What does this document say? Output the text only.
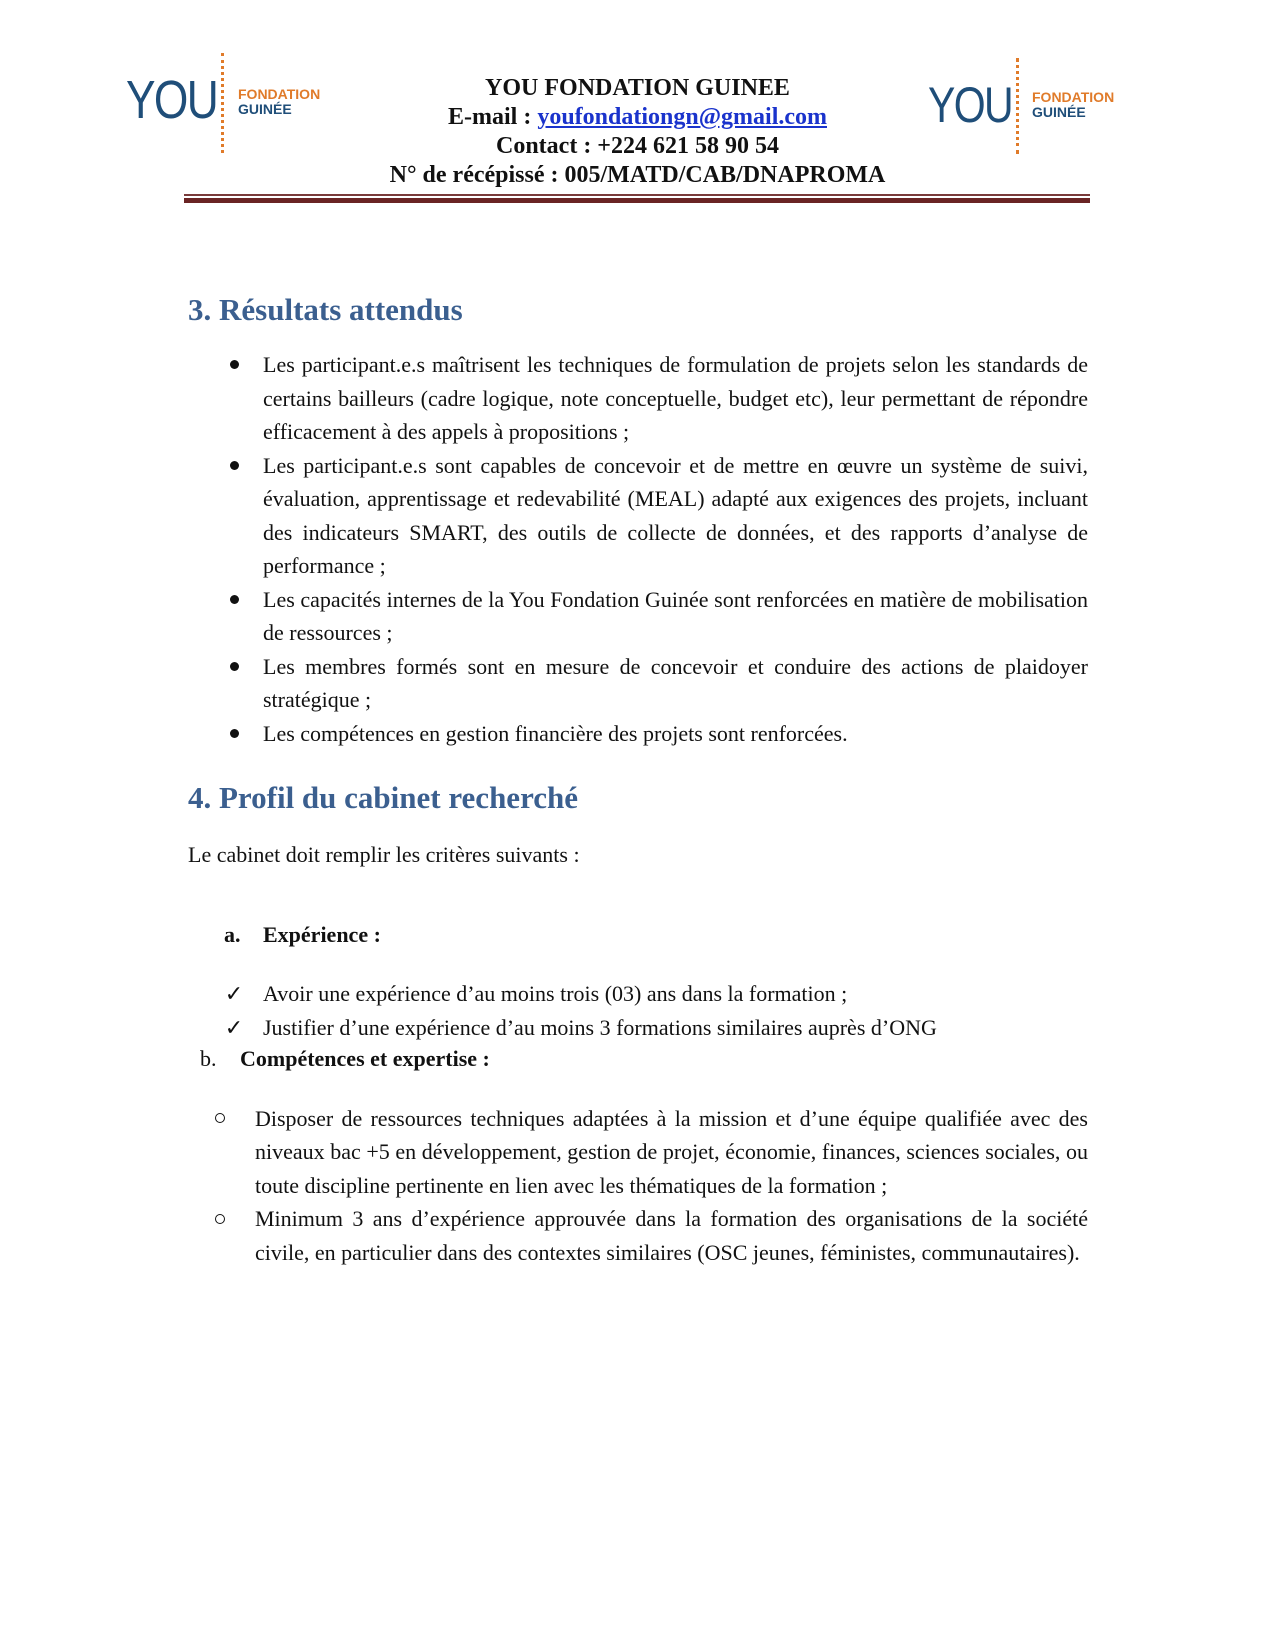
YOU FONDATION
GUINÉE
YOU FONDATION GUINEE
E-mail : youfondationgn@gmail.com
Contact : +224 621 58 90 54
N° de récépissé : 005/MATD/CAB/DNAPROMA
YOU FONDATION
GUINÉE
3. Résultats attendus
Les participant.e.s maîtrisent les techniques de formulation de projets selon les standards de certains bailleurs (cadre logique, note conceptuelle, budget etc), leur permettant de répondre efficacement à des appels à propositions ;
Les participant.e.s sont capables de concevoir et de mettre en œuvre un système de suivi, évaluation, apprentissage et redevabilité (MEAL) adapté aux exigences des projets, incluant des indicateurs SMART, des outils de collecte de données, et des rapports d’analyse de performance ;
Les capacités internes de la You Fondation Guinée sont renforcées en matière de mobilisation de ressources ;
Les membres formés sont en mesure de concevoir et conduire des actions de plaidoyer stratégique ;
Les compétences en gestion financière des projets sont renforcées.
4. Profil du cabinet recherché

Le cabinet doit remplir les critères suivants :

a. Expérience :
✓ Avoir une expérience d’au moins trois (03) ans dans la formation ;
✓ Justifier d’une expérience d’au moins 3 formations similaires auprès d’ONG
b. Compétences et expertise :
Disposer de ressources techniques adaptées à la mission et d’une équipe qualifiée avec des niveaux bac +5 en développement, gestion de projet, économie, finances, sciences sociales, ou toute discipline pertinente en lien avec les thématiques de la formation ;
Minimum 3 ans d’expérience approuvée dans la formation des organisations de la société civile, en particulier dans des contextes similaires (OSC jeunes, féministes, communautaires).
